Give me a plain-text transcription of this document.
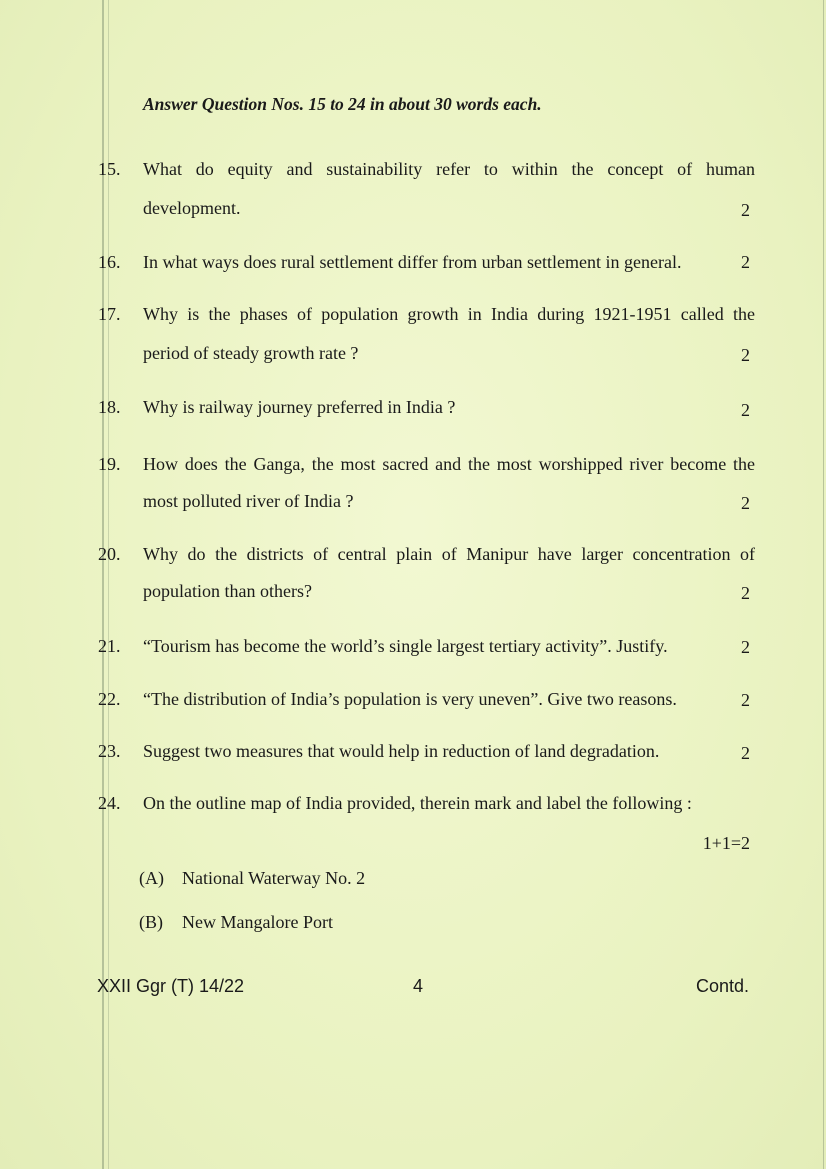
Answer Question Nos. 15 to 24 in about 30 words each.
15. What do equity and sustainability refer to within the concept of human
development.	2
16. In what ways does rural settlement differ from urban settlement in general.	2
17. Why is the phases of population growth in India during 1921-1951 called the
period of steady growth rate ?	2
18. Why is railway journey preferred in India ?	2
19. How does the Ganga, the most sacred and the most worshipped river become the
most polluted river of India ?	2
20. Why do the districts of central plain of Manipur have larger concentration of
population than others?	2
21. “Tourism has become the world’s single largest tertiary activity”. Justify.	2
22. “The distribution of India’s population is very uneven”. Give two reasons.	2
23. Suggest two measures that would help in reduction of land degradation.	2
24. On the outline map of India provided, therein mark and label the following :
1+1=2
(A) National Waterway No. 2
(B) New Mangalore Port
XXII Ggr (T) 14/22	4	Contd.
